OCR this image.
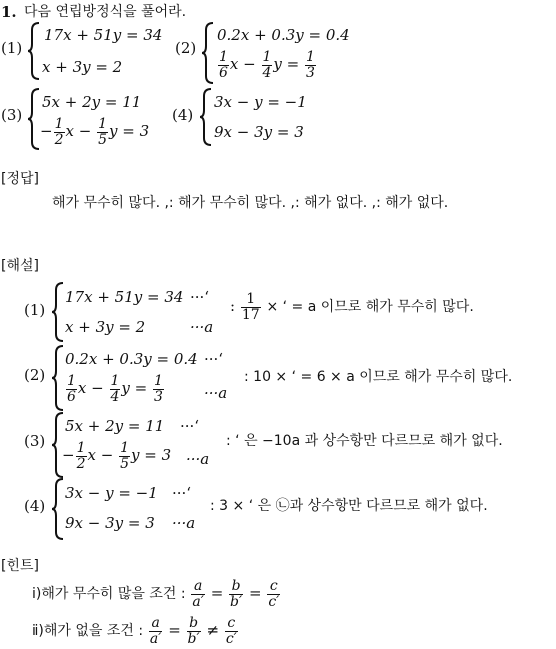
1. 다음 연립방정식을 풀어라.
(1)
17x + 51y = 34
x + 3y = 2
(2)
0.2x + 0.3y = 0.4
$\frac{1}{6}$ $x - \frac{1}{4}$ $y = \frac{1}{3}$
(3)
5x + 2y = 11
− $\frac{1}{2}$ $x - \frac{1}{5}$ y = 3
(4)
3x − y = −1
9x − 3y = 3
[정답]
해가 무수히 많다. ,: 해가 무수히 많다. ,: 해가 없다. ,: 해가 없다.
[해설]
(1)
17x + 51y = 34 ···‘
x + 3y = 2	···a
: $\frac{1}{17}$ × ‘ = a 이므로 해가 무수히 많다.
(2)
0.2x + 0.3y = 0.4 ···‘
$\frac{1}{6}$ $x - \frac{1}{4}$ $y = \frac{1}{3}$	···a
: 10 × ‘ = 6 × a 이므로 해가 무수히 많다.
(3)
5x + 2y = 11 ···‘
− $\frac{1}{2}$ $x - \frac{1}{5}$ y = 3 ···a
: ‘ 은 −10a 과 상수항만 다르므로 해가 없다.
(4)
3x − y = −1 ···‘
9x − 3y = 3 ···a
: 3 × ‘ 은 ㉡과 상수항만 다르므로 해가 없다.
[힌트]
ⅰ)해가 무수히 많을 조건 : $\frac{a}{a'} = \frac{b}{b'} = \frac{c}{c'}$
ⅱ)해가 없을 조건 : $\frac{a}{a'} = \frac{b}{b'} \ne \frac{c}{c'}$
